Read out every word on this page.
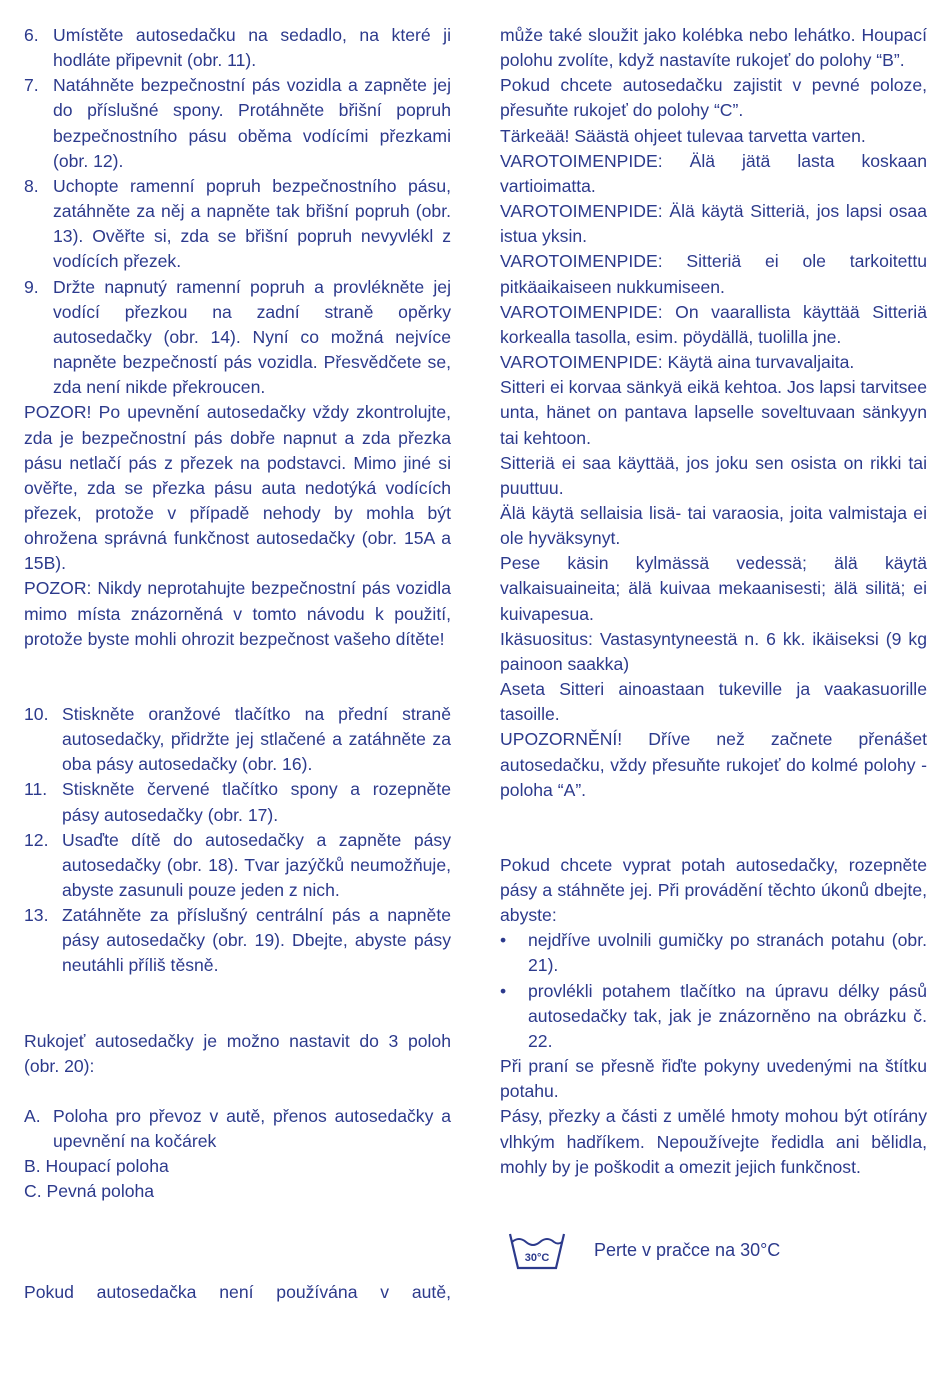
6. Umístěte autosedačku na sedadlo, na které ji hodláte připevnit (obr. 11).
7. Natáhněte bezpečnostní pás vozidla a zapněte jej do příslušné spony. Protáhněte břišní popruh bezpečnostního pásu oběma vodícími přezkami (obr. 12).
8. Uchopte ramenní popruh bezpečnostního pásu, zatáhněte za něj a napněte tak břišní popruh (obr. 13). Ověřte si, zda se břišní popruh nevyvlékl z vodících přezek.
9. Držte napnutý ramenní popruh a provlékněte jej vodící přezkou na zadní straně opěrky autosedačky (obr. 14). Nyní co možná nejvíce napněte bezpečností pás vozidla. Přesvědčete se, zda není nikde překroucen.

POZOR! Po upevnění autosedačky vždy zkontrolujte, zda je bezpečnostní pás dobře napnut a zda přezka pásu netlačí pás z přezek na podstavci. Mimo jiné si ověřte, zda se přezka pásu auta nedotýká vodících přezek, protože v případě nehody by mohla být ohrožena správná funkčnost autosedačky (obr. 15A a 15B).

POZOR: Nikdy neprotahujte bezpečnostní pás vozidla mimo místa znázorněná v tomto návodu k použití, protože byste mohli ohrozit bezpečnost vašeho dítěte!

10. Stiskněte oranžové tlačítko na přední straně autosedačky, přidržte jej stlačené a zatáhněte za oba pásy autosedačky (obr. 16).
11. Stiskněte červené tlačítko spony a rozepněte pásy autosedačky (obr. 17).
12. Usaďte dítě do autosedačky a zapněte pásy autosedačky (obr. 18). Tvar jazýčků neumožňuje, abyste zasunuli pouze jeden z nich.
13. Zatáhněte za příslušný centrální pás a napněte pásy autosedačky (obr. 19). Dbejte, abyste pásy neutáhli příliš těsně.

Rukojeť autosedačky je možno nastavit do 3 poloh (obr. 20):

A. Poloha pro převoz v autě, přenos autosedačky a upevnění na kočárek

B. Houpací poloha

C. Pevná poloha

Pokud autosedačka není používána v autě,

může také sloužit jako kolébka nebo lehátko. Houpací polohu zvolíte, když nastavíte rukojeť do polohy “B”.

Pokud chcete autosedačku zajistit v pevné poloze, přesuňte rukojeť do polohy “C”.

Tärkeää! Säästä ohjeet tulevaa tarvetta varten.

VAROTOIMENPIDE: Älä jätä lasta koskaan vartioimatta.

VAROTOIMENPIDE: Älä käytä Sitteriä, jos lapsi osaa istua yksin.

VAROTOIMENPIDE: Sitteriä ei ole tarkoitettu pitkäaikaiseen nukkumiseen.

VAROTOIMENPIDE: On vaarallista käyttää Sitteriä korkealla tasolla, esim. pöydällä, tuolilla jne.

VAROTOIMENPIDE: Käytä aina turvavaljaita.

Sitteri ei korvaa sänkyä eikä kehtoa. Jos lapsi tarvitsee unta, hänet on pantava lapselle soveltuvaan sänkyyn tai kehtoon.

Sitteriä ei saa käyttää, jos joku sen osista on rikki tai puuttuu.

Älä käytä sellaisia lisä- tai varaosia, joita valmistaja ei ole hyväksynyt.

Pese käsin kylmässä vedessä; älä käytä valkaisuaineita; älä kuivaa mekaanisesti; älä silitä; ei kuivapesua.

Ikäsuositus: Vastasyntyneestä n. 6 kk. ikäiseksi (9 kg painoon saakka)

Aseta Sitteri ainoastaan tukeville ja vaakasuorille tasoille.

UPOZORNĚNÍ! Dříve než začnete přenášet autosedačku, vždy přesuňte rukojeť do kolmé polohy - poloha “A”.

Pokud chcete vyprat potah autosedačky, rozepněte pásy a stáhněte jej. Při provádění těchto úkonů dbejte, abyste:

•	nejdříve uvolnili gumičky po stranách potahu (obr. 21).
•	provlékli potahem tlačítko na úpravu délky pásů autosedačky tak, jak je znázorněno na obrázku č. 22.

Při praní se přesně řiďte pokyny uvedenými na štítku potahu.

Pásy, přezky a části z umělé hmoty mohou být otírány vlhkým hadříkem. Nepoužívejte ředidla ani bělidla, mohly by je poškodit a omezit jejich funkčnost.

30°C Perte v pračce na 30°C
